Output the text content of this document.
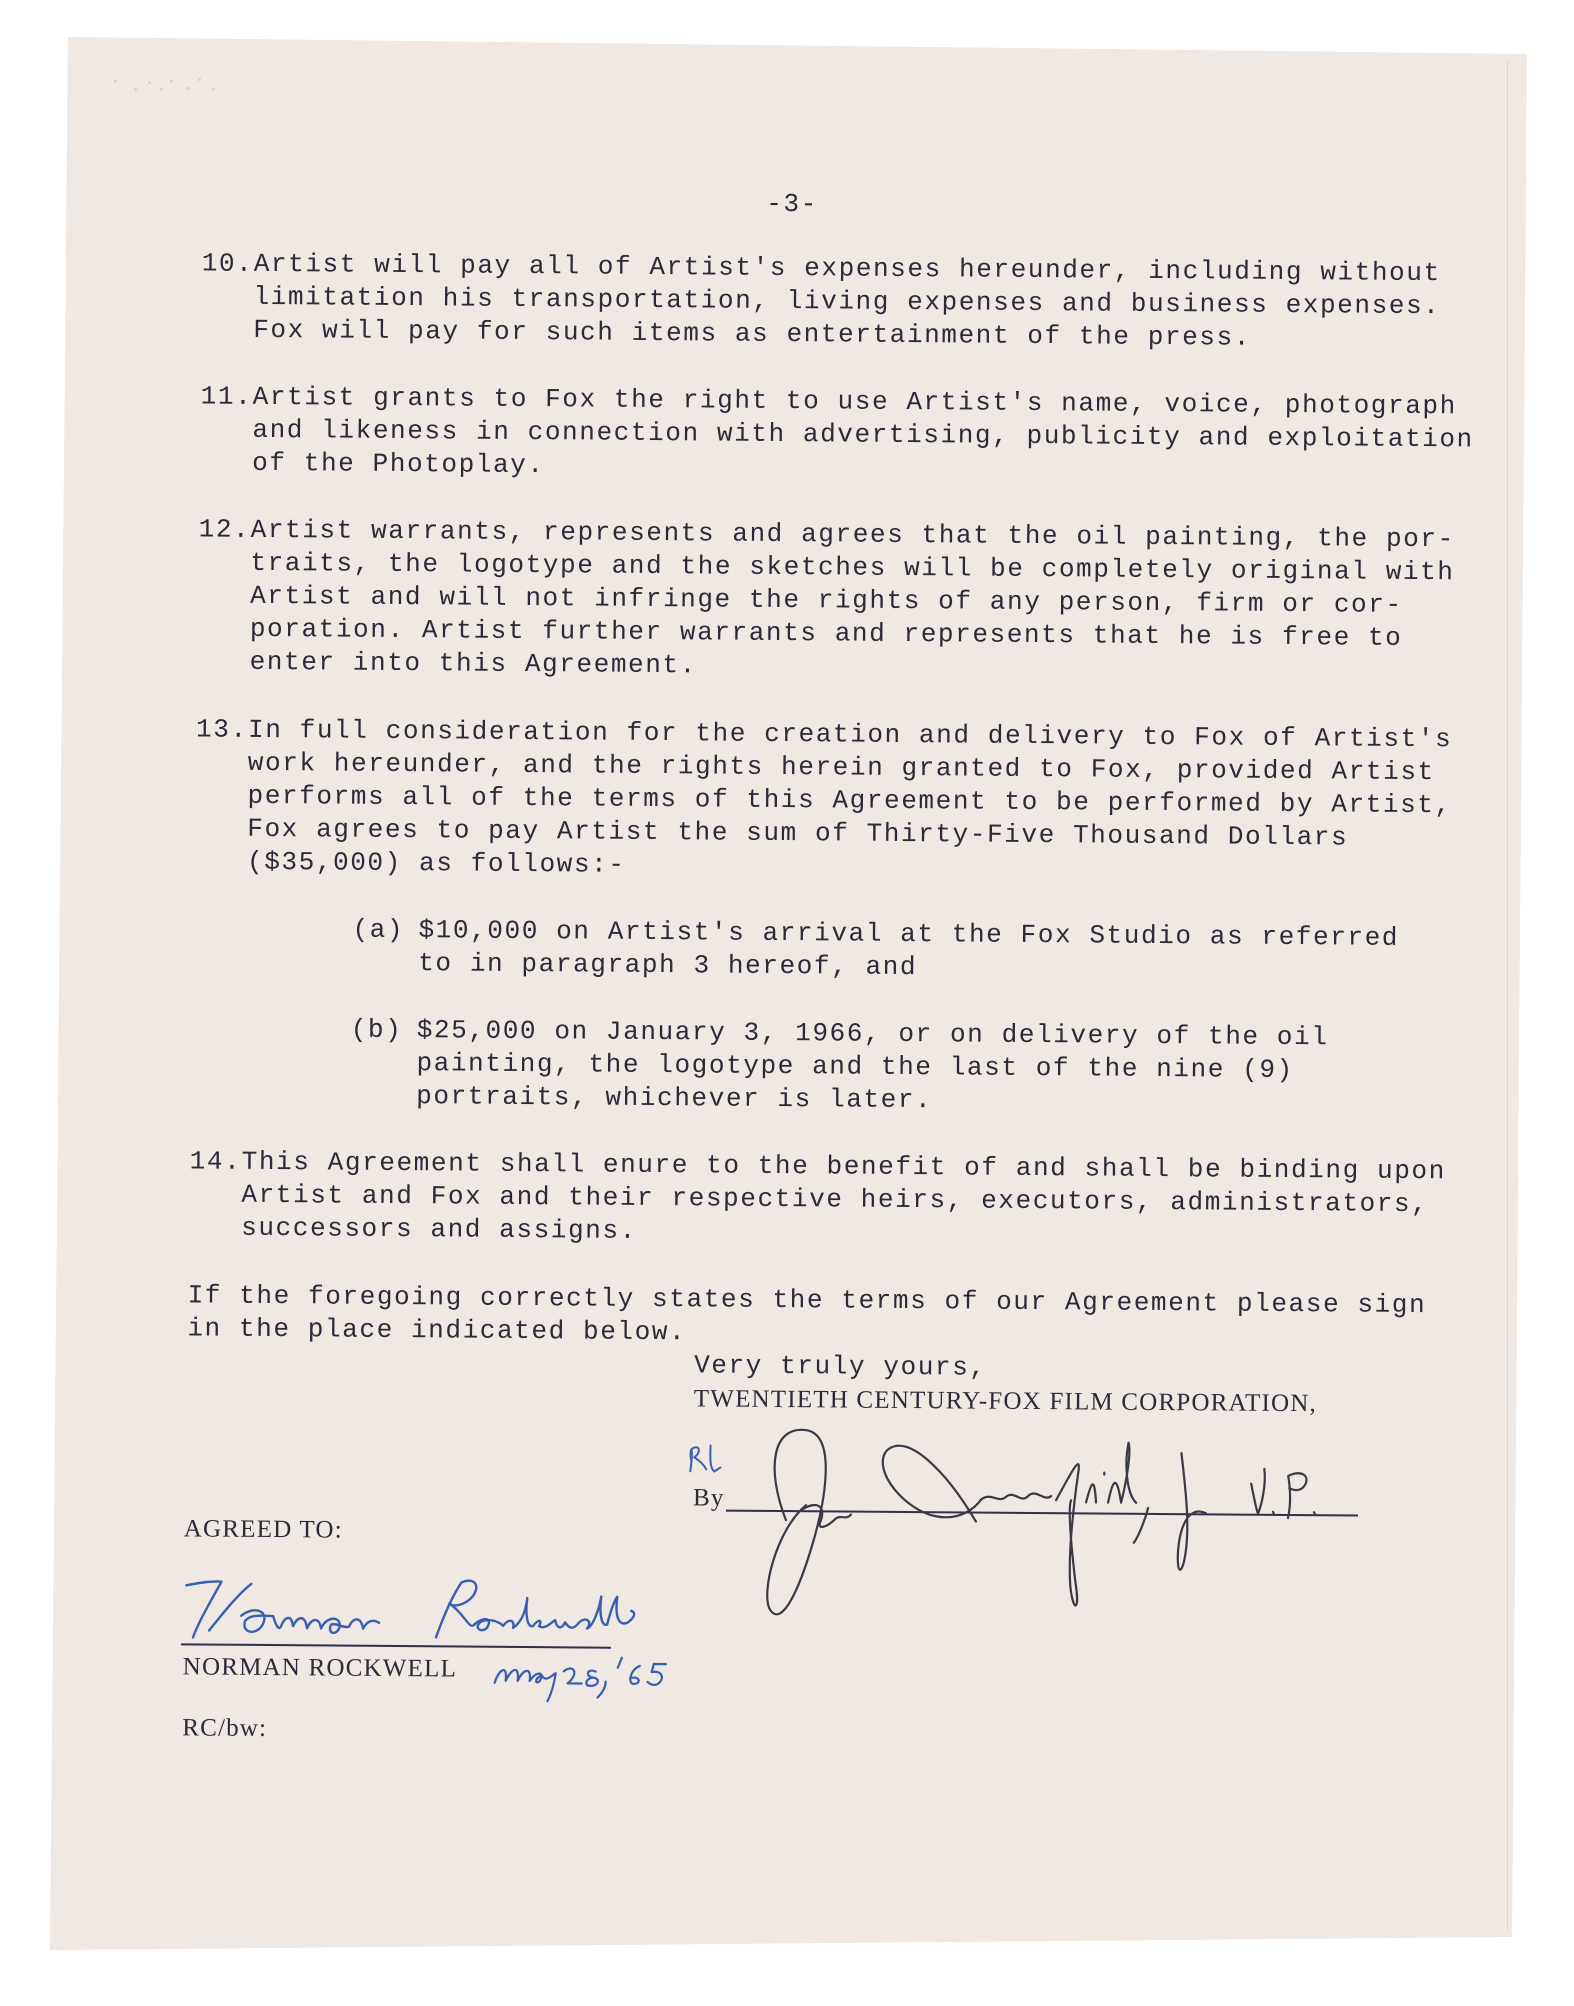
-3-
10. Artist will pay all of Artist's expenses hereunder, including without
limitation his transportation, living expenses and business expenses.
Fox will pay for such items as entertainment of the press.
11. Artist grants to Fox the right to use Artist's name, voice, photograph
and likeness in connection with advertising, publicity and exploitation
of the Photoplay.
12. Artist warrants, represents and agrees that the oil painting, the por-
traits, the logotype and the sketches will be completely original with
Artist and will not infringe the rights of any person, firm or cor-
poration. Artist further warrants and represents that he is free to
enter into this Agreement.
13. In full consideration for the creation and delivery to Fox of Artist's
work hereunder, and the rights herein granted to Fox, provided Artist
performs all of the terms of this Agreement to be performed by Artist,
Fox agrees to pay Artist the sum of Thirty-Five Thousand Dollars
($35,000) as follows:-
(a) $10,000 on Artist's arrival at the Fox Studio as referred
to in paragraph 3 hereof, and
(b) $25,000 on January 3, 1966, or on delivery of the oil
painting, the logotype and the last of the nine (9)
portraits, whichever is later.
14. This Agreement shall enure to the benefit of and shall be binding upon
Artist and Fox and their respective heirs, executors, administrators,
successors and assigns.
If the foregoing correctly states the terms of our Agreement please sign
in the place indicated below.
Very truly yours,
TWENTIETH CENTURY-FOX FILM CORPORATION,
By
AGREED TO:
NORMAN ROCKWELL
RC/bw:
